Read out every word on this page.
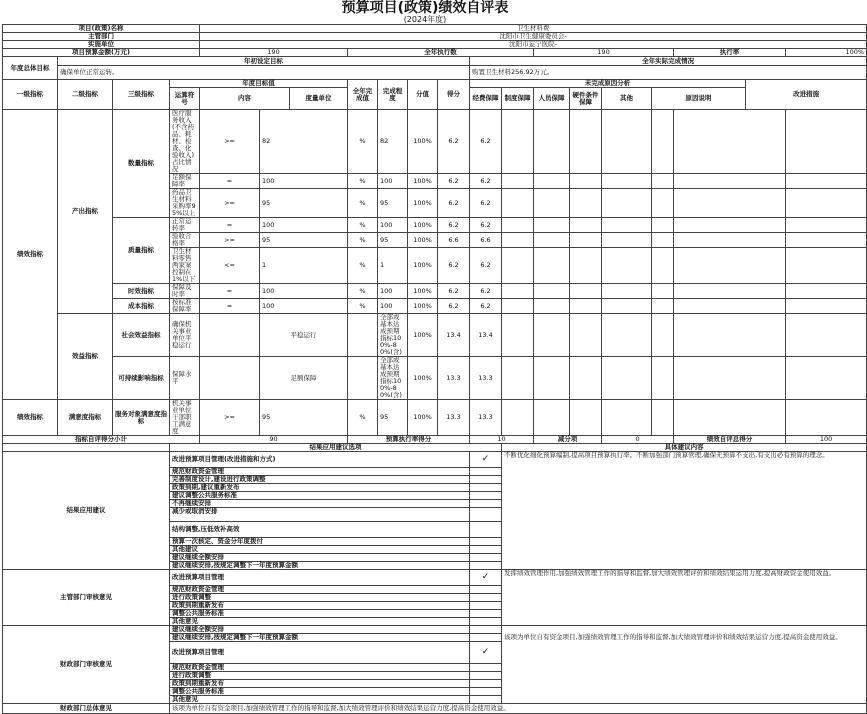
预算项目(政策)绩效自评表
(2024年度)
项目(政策)名称				卫生材料费															
主管部门				沈阳市卫生健康委员会-															
实施单位				沈阳市妄宁医院-															
项目预算金额(万元)				190			全年执行数						190				执行率		100%
年度总体目标	年初设定目标										全年实际完成情况								
	确保单位正常运转。										购置卫生材料256.92万元。								
一级指标	二级指标	三级指标	年度目标值				全年完成值	完成程度	分值	得分	未完成原因分析							改进措施	
			运算符号	内容		度量单位					经费保障	制度保障	人员保障	硬件条件保障	其他	原因说明			
绩效指标	产出指标	数量指标	医疗服务收入(不含药品、耗材、检查、化验收入)占比情况	>=	82		%	82	100%	6.2	6.2								
			足额保障率	=	100		%	100	100%	6.2	6.2								
			药品卫生材料采购率95%以上	>=	95		%	95	100%	6.2	6.2								
		质量指标	正常运转率	=	100		%	100	100%	6.2	6.2								
			验收合格率	>=	95		%	95	100%	6.6	6.6								
			卫生材料零售两家案控制在1%以下	<=	1		%	1	100%	6.2	6.2								
		时效指标	保障及时率	=	100		%	100	100%	6.2	6.2								
		成本指标	按标准保障率	=	100		%	100	100%	6.2	6.2								
	效益指标	社会效益指标	确保机关事业单位平稳运行		平稳运行			全部或基本达成预期指标100%-80%(含)	100%	13.4	13.4								
		可持续影响指标	保障水平		足额保障			全部或基本达成预期指标100%-80%(含)	100%	13.3	13.3								
绩效指标	满意度指标	服务对象满意度指标	机关事业单位干部职工满意度	>=	95		%	95	100%	13.3	13.3								
指标自评得分小计				90			预算执行率得分				10		减分项		0		绩效自评总得分		100
			结果应用建议选项									具体建议内容							
结果应用建议			改进预算项目管理(改进措施和方式)								✓	不断优化细化预算编制,提高项目预算执行率。不断加强部门预算管理,确保无预算不支出,有支出必有预算的理念。							
			规范财政资金管理																
			完善制度设计,建设进行政策调整																
			政策到期,建议重新发布																
			建议调整公共服务标准																
			不再继续安排																
			减少或取消安排																
			结构调整,压低效补高效																
			预算一次核定、资金分年度拨付																
			其他建议																
			建议继续全额安排																
			建议继续安排,按规定调整下一年度预算金额																
主管部门审核意见			改进预算项目管理								✓	发挥绩效管理作用,加强绩效管理工作的指导和监督,加大绩效管理评价和绩效结果运用力度,提高财政资金使用效益。							
			规范财政资金管理																
			进行政策调整																
			政策到期重新发布																
			调整公共服务标准																
			其他意见																
财政部门审核意见			建议继续全额安排									该项为单位自有资金项目,加强绩效管理工作的指导和监督,加大绩效管理评价和绩效结果运营力度,提高资金使用效益。							
			建议继续安排,按规定调整下一年度预算金额																
			改进预算项目管理								✓								
			规范财政资金管理																
			进行政策调整																
			政策到期重新发布																
			调整公共服务标准																
			其他意见																
财政部门总体意见			该项为单位自有资金项目,加强绩效管理工作的指导和监督,加大绩效管理评价和绩效结果运营力度,提高资金使用效益。																
